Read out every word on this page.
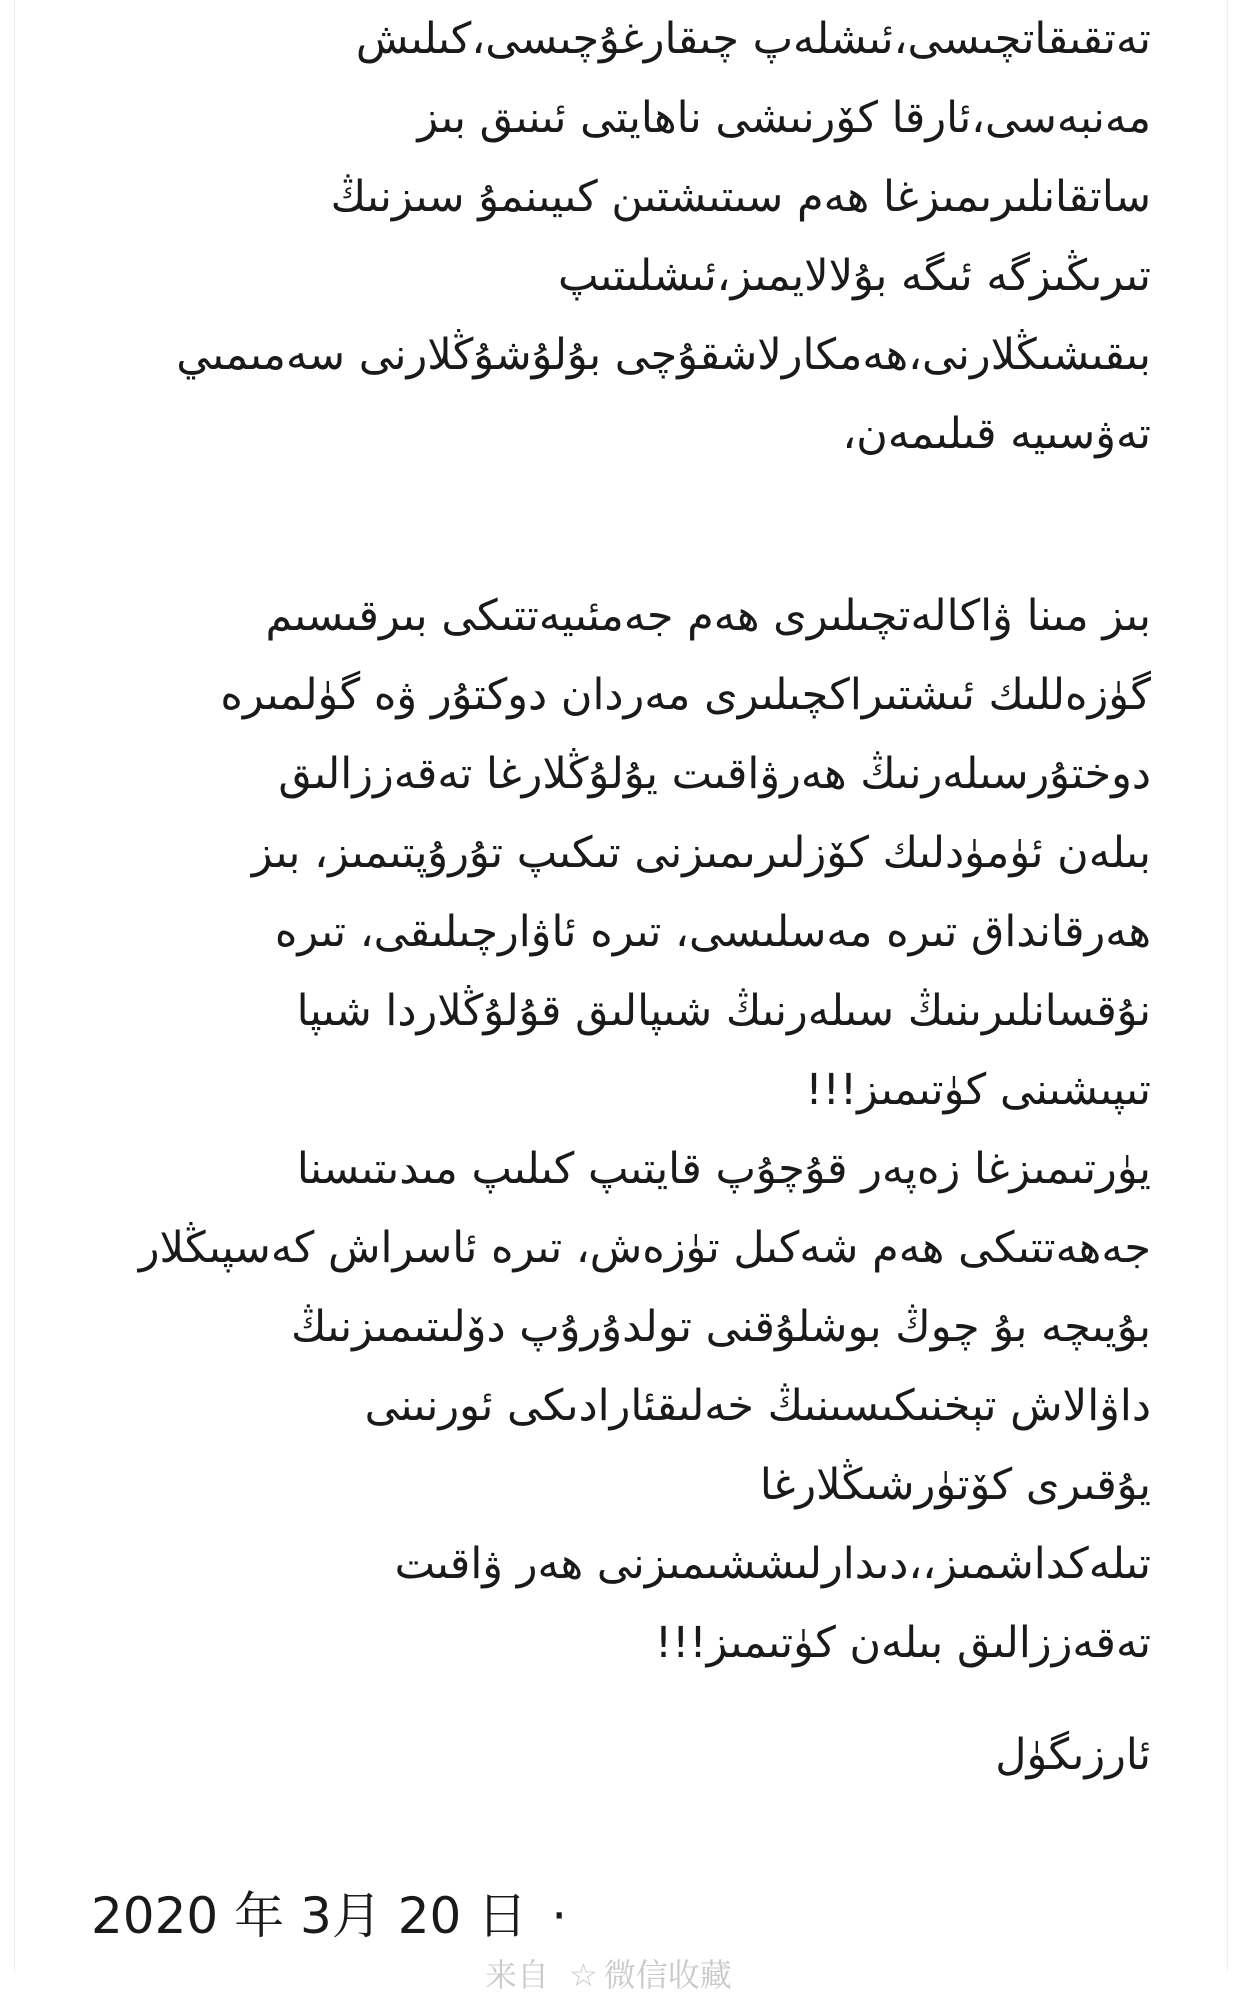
تەتقىقاتچىسى،ئىشلەپ چىقارغۇچىسى،كىلىش
مەنبەسى،ئارقا كۆرنىشى ناھايتى ئىنىق بىز
ساتقانلىرىمىزغا ھەم سىتىشتىن كىيىنمۇ سىزنىڭ
تىرىڭىزگە ئىگە بۇلالايمىز،ئىشلىتىپ
بىقىشىڭلارنى،ھەمكارلاشقۇچى بۇلۇشۇڭلارنى سەمىمىي
تەۋسىيە قىلىمەن،
بىز مىنا ۋاكالەتچىلىرى ھەم جەمئىيەتتىكى بىرقىسىم
گۈزەللىك ئىشتىراكچىلىرى مەردان دوكتۇر ۋە گۈلمىرە
دوختۇرسىلەرنىڭ ھەرۋاقىت يۇلۇڭلارغا تەقەززالىق
بىلەن ئۈمۈدلىك كۆزلىرىمىزنى تىكىپ تۇرۇپتىمىز، بىز
ھەرقانداق تىرە مەسلىسى، تىرە ئاۋارچىلىقى، تىرە
نۇقسانلىرىنىڭ سىلەرنىڭ شىپالىق قۇلۇڭلاردا شىپا
تىپىشىنى كۈتىمىز!!!
يۈرتىمىزغا زەپەر قۇچۇپ قايتىپ كىلىپ مىدىتىسنا
جەھەتتىكى ھەم شەكىل تۈزەش، تىرە ئاسراش كەسپىڭلار
بۇيىچە بۇ چوڭ بوشلۇقنى تولدۇرۇپ دۆلىتىمىزنىڭ
داۋالاش تېخنىكىسىنىڭ خەلىقئارادىكى ئورنىنى
يۇقىرى كۆتۈرشىڭلارغا
تىلەكداشمىز،،دىدارلىششىمىزنى ھەر ۋاقىت
تەقەززالىق بىلەن كۈتىمىز!!!
ئارزىگۈل
2020 年 3月 20 日 ·
来自 ☆ 微信收藏
